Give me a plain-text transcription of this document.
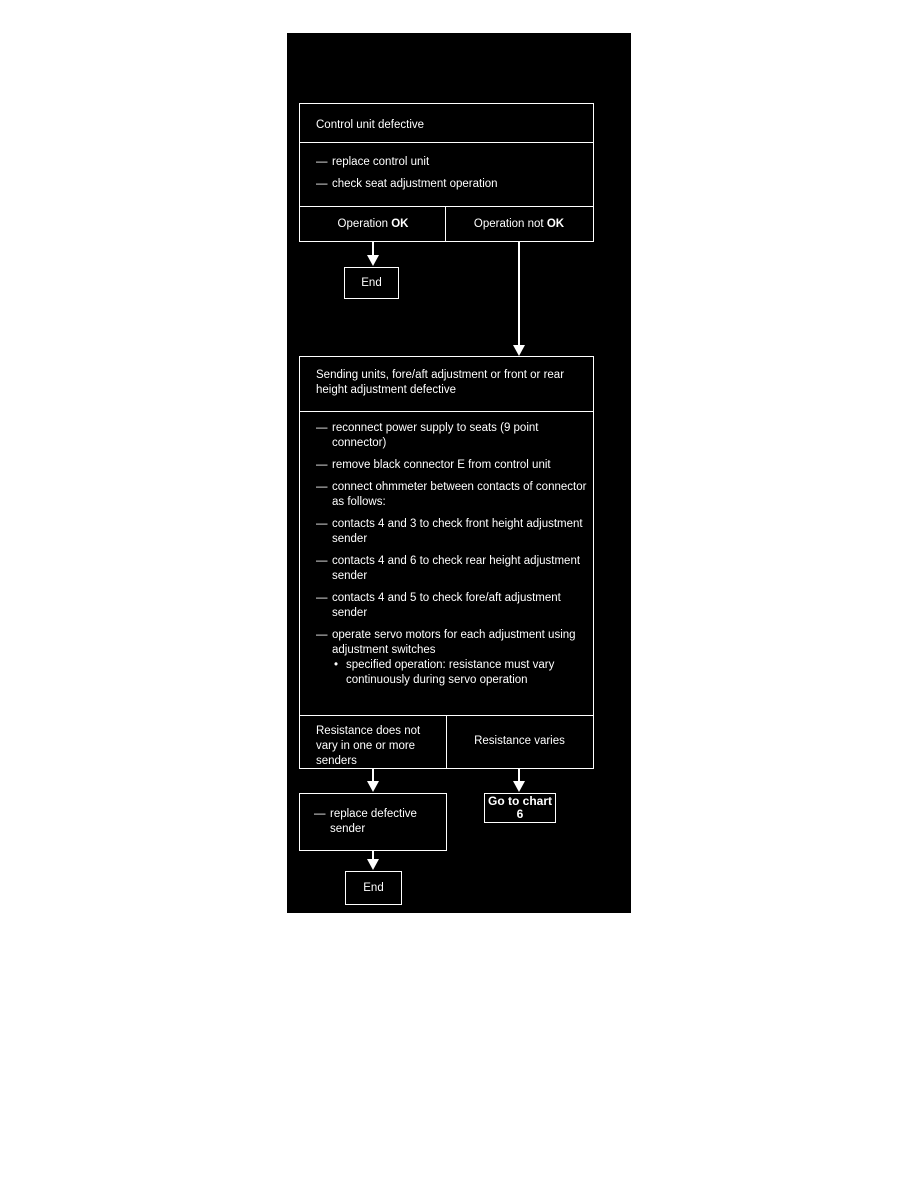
Control unit defective
— replace control unit
— check seat adjustment operation
Operation OK	Operation not OK
End
Sending units, fore/aft adjustment or front or rear height adjustment defective
— reconnect power supply to seats (9 point connector)
— remove black connector E from control unit
— connect ohmmeter between contacts of connector as follows:
— contacts 4 and 3 to check front height adjustment sender
— contacts 4 and 6 to check rear height adjustment sender
— contacts 4 and 5 to check fore/aft adjustment sender
— operate servo motors for each adjustment using adjustment switches
• specified operation: resistance must vary continuously during servo operation
Resistance does not vary in one or more senders
Resistance varies
— replace defective sender
Go to chart
6
End
